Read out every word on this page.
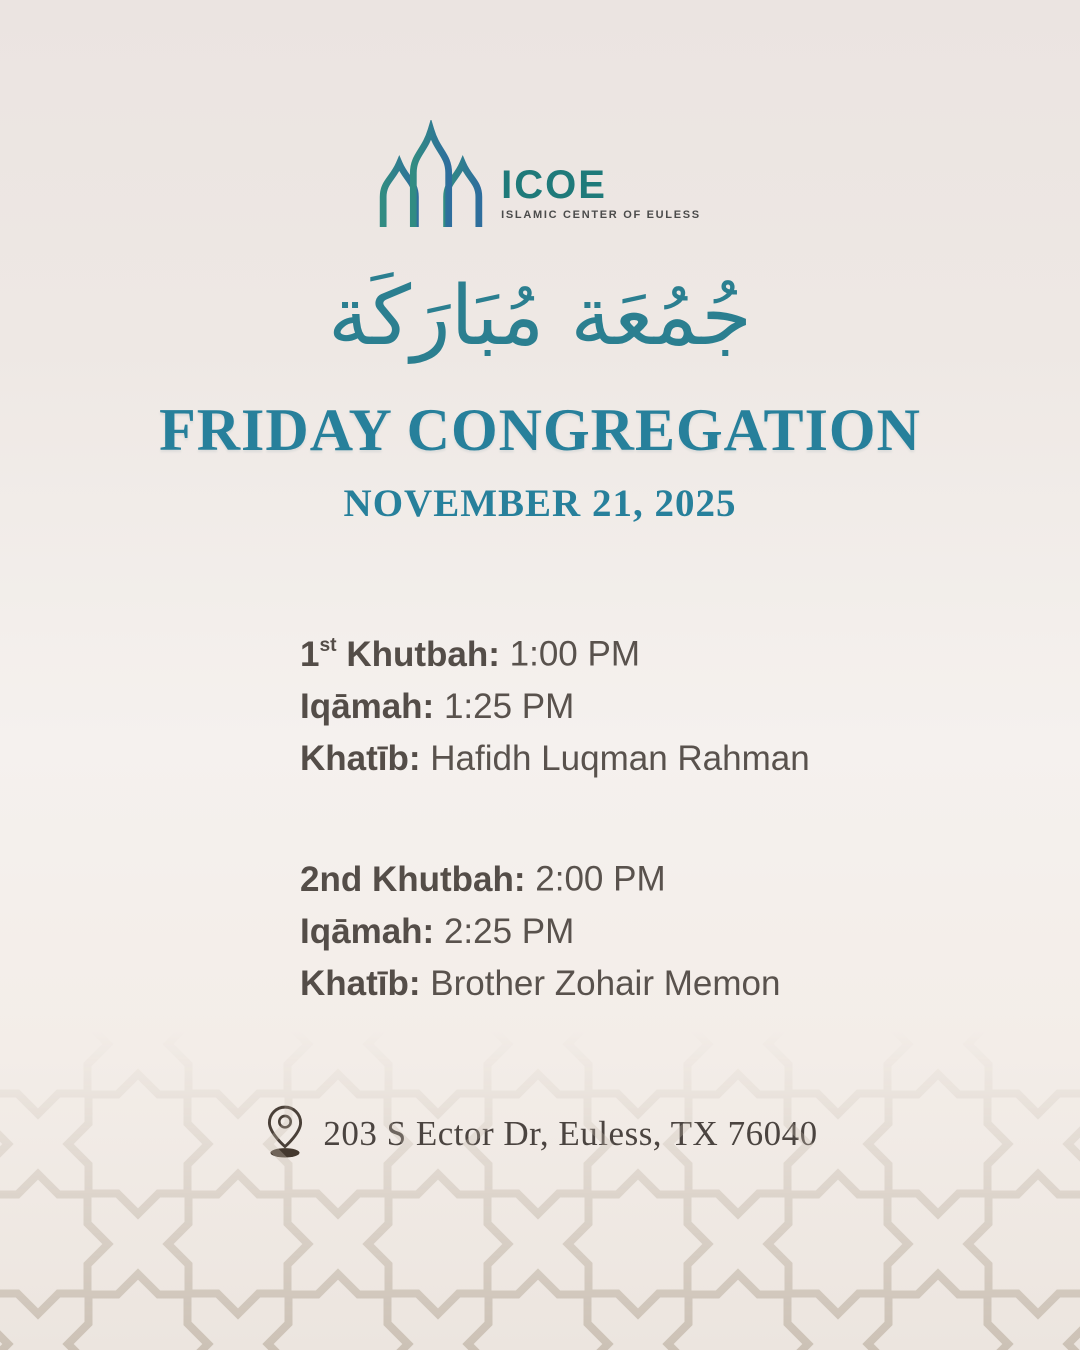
ICOE
ISLAMIC CENTER OF EULESS
جُمُعَة مُبَارَكَة
FRIDAY CONGREGATION
NOVEMBER 21, 2025
1st Khutbah: 1:00 PM
Iqāmah: 1:25 PM
Khatīb: Hafidh Luqman Rahman
2nd Khutbah: 2:00 PM
Iqāmah: 2:25 PM
Khatīb: Brother Zohair Memon
